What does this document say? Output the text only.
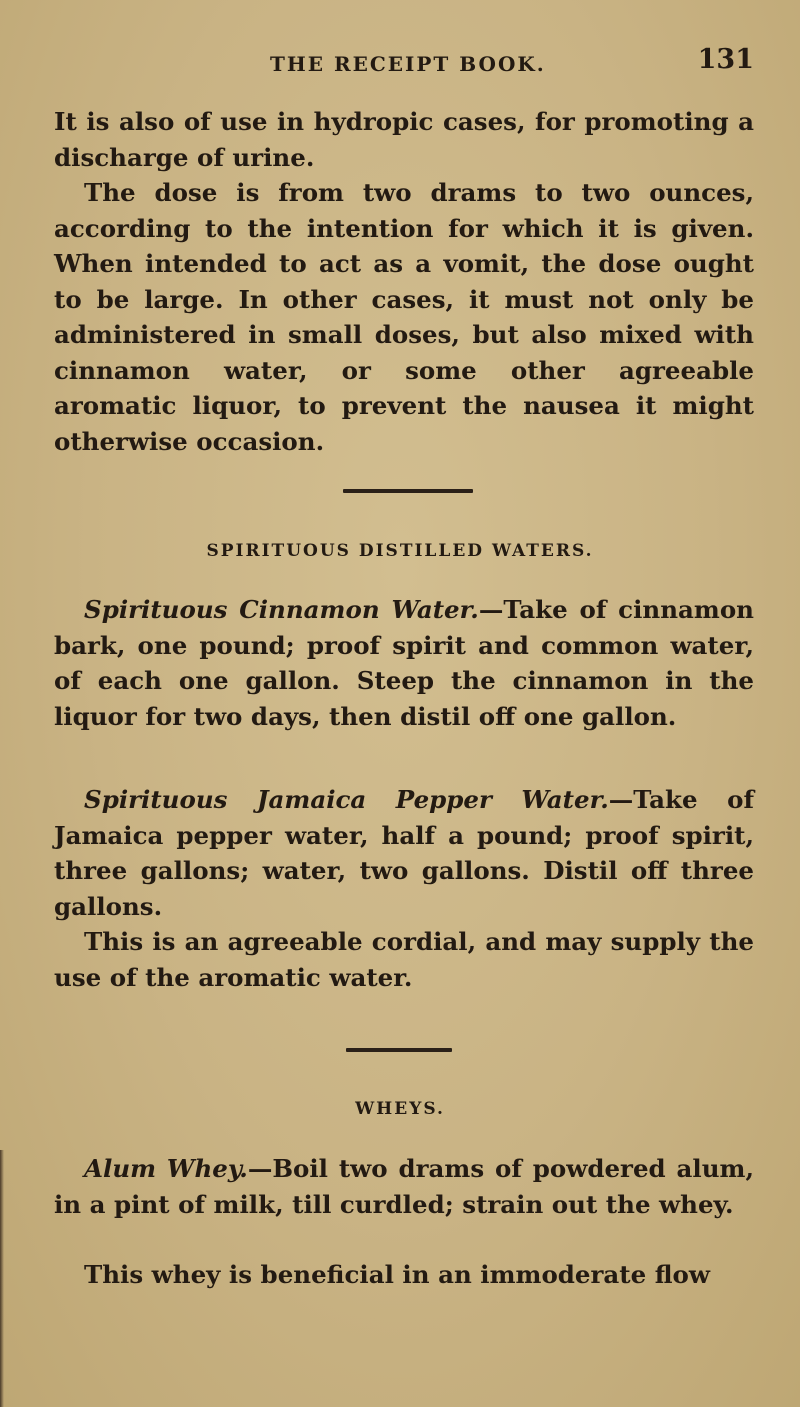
THE RECEIPT BOOK.	131

It is also of use in hydropic cases, for promoting a discharge of urine.

The dose is from two drams to two ounces, according to the intention for which it is given. When intended to act as a vomit, the dose ought to be large. In other cases, it must not only be administered in small doses, but also mixed with cinnamon water, or some other agreeable aromatic liquor, to prevent the nausea it might otherwise occasion.

SPIRITUOUS DISTILLED WATERS.

Spirituous Cinnamon Water.—Take of cinnamon bark, one pound; proof spirit and common water, of each one gallon. Steep the cinnamon in the liquor for two days, then distil off one gallon.

Spirituous Jamaica Pepper Water.—Take of Jamaica pepper water, half a pound; proof spirit, three gallons; water, two gallons. Distil off three gallons.

This is an agreeable cordial, and may supply the use of the aromatic water.

WHEYS.

Alum Whey.—Boil two drams of powdered alum, in a pint of milk, till curdled; strain out the whey.

This whey is beneficial in an immoderate flow
